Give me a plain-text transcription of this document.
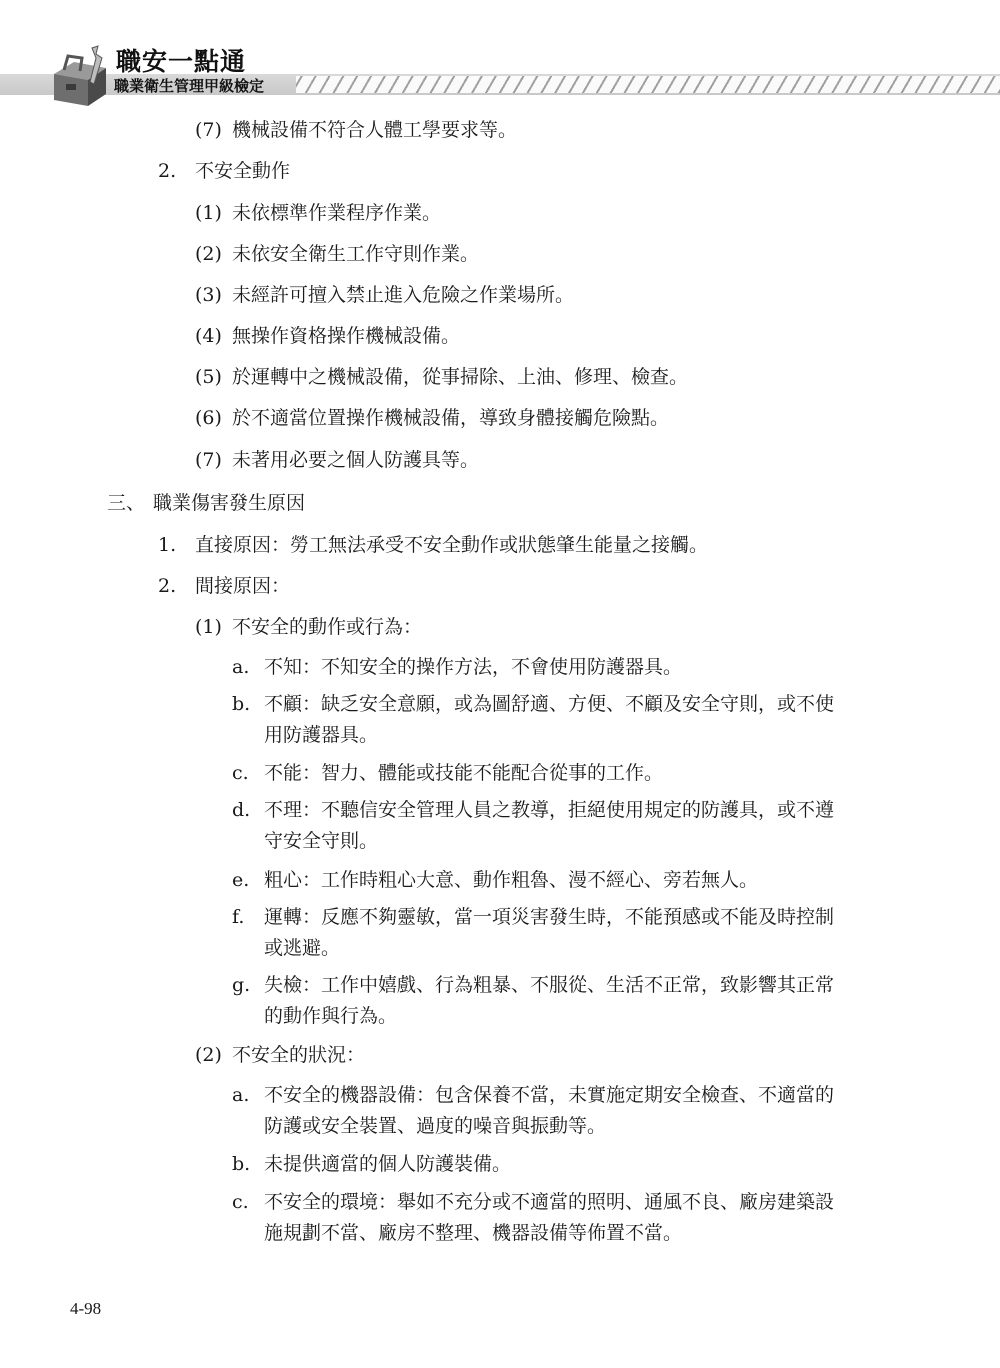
職安一點通
職業衛生管理甲級檢定
(7) 機械設備不符合人體工學要求等。
2. 不安全動作
(1) 未依標準作業程序作業。
(2) 未依安全衛生工作守則作業。
(3) 未經許可擅入禁止進入危險之作業場所。
(4) 無操作資格操作機械設備。
(5) 於運轉中之機械設備，從事掃除、上油、修理、檢查。
(6) 於不適當位置操作機械設備，導致身體接觸危險點。
(7) 未著用必要之個人防護具等。
三、 職業傷害發生原因
1. 直接原因：勞工無法承受不安全動作或狀態肇生能量之接觸。
2. 間接原因：
(1) 不安全的動作或行為：
a. 不知：不知安全的操作方法，不會使用防護器具。
b. 不顧：缺乏安全意願，或為圖舒適、方便、不顧及安全守則，或不使
用防護器具。
c. 不能：智力、體能或技能不能配合從事的工作。
d. 不理：不聽信安全管理人員之教導，拒絕使用規定的防護具，或不遵
守安全守則。
e. 粗心：工作時粗心大意、動作粗魯、漫不經心、旁若無人。
f. 運轉：反應不夠靈敏，當一項災害發生時，不能預感或不能及時控制
或逃避。
g. 失檢：工作中嬉戲、行為粗暴、不服從、生活不正常，致影響其正常
的動作與行為。
(2) 不安全的狀況：
a. 不安全的機器設備：包含保養不當，未實施定期安全檢查、不適當的
防護或安全裝置、過度的噪音與振動等。
b. 未提供適當的個人防護裝備。
c. 不安全的環境：舉如不充分或不適當的照明、通風不良、廠房建築設
施規劃不當、廠房不整理、機器設備等佈置不當。
4-98
